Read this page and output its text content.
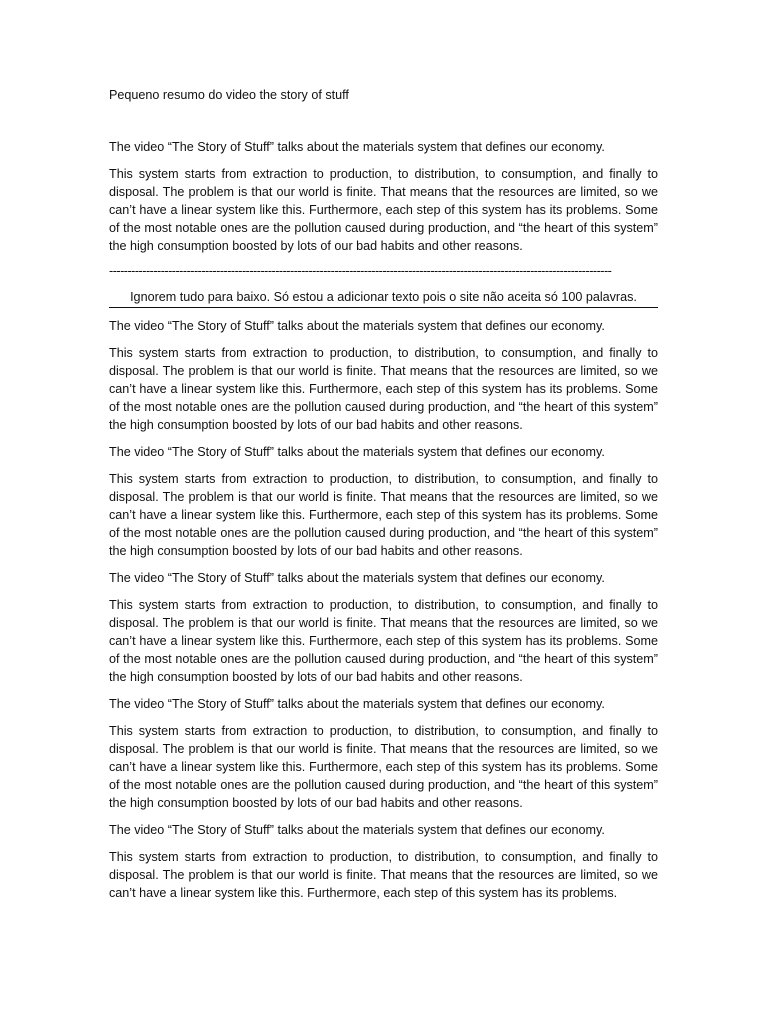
Pequeno resumo do video the story of stuff

The video “The Story of Stuff” talks about the materials system that defines our economy.

This system starts from extraction to production, to distribution, to consumption, and finally to disposal. The problem is that our world is finite. That means that the resources are limited, so we can’t have a linear system like this. Furthermore, each step of this system has its problems. Some of the most notable ones are the pollution caused during production, and “the heart of this system” the high consumption boosted by lots of our bad habits and other reasons.

----------------------------------------------------------------------------------------------------------------------------------------
Ignorem tudo para baixo. Só estou a adicionar texto pois o site não aceita só 100 palavras.

The video “The Story of Stuff” talks about the materials system that defines our economy.

This system starts from extraction to production, to distribution, to consumption, and finally to disposal. The problem is that our world is finite. That means that the resources are limited, so we can’t have a linear system like this. Furthermore, each step of this system has its problems. Some of the most notable ones are the pollution caused during production, and “the heart of this system” the high consumption boosted by lots of our bad habits and other reasons.

The video “The Story of Stuff” talks about the materials system that defines our economy.

This system starts from extraction to production, to distribution, to consumption, and finally to disposal. The problem is that our world is finite. That means that the resources are limited, so we can’t have a linear system like this. Furthermore, each step of this system has its problems. Some of the most notable ones are the pollution caused during production, and “the heart of this system” the high consumption boosted by lots of our bad habits and other reasons.

The video “The Story of Stuff” talks about the materials system that defines our economy.

This system starts from extraction to production, to distribution, to consumption, and finally to disposal. The problem is that our world is finite. That means that the resources are limited, so we can’t have a linear system like this. Furthermore, each step of this system has its problems. Some of the most notable ones are the pollution caused during production, and “the heart of this system” the high consumption boosted by lots of our bad habits and other reasons.

The video “The Story of Stuff” talks about the materials system that defines our economy.

This system starts from extraction to production, to distribution, to consumption, and finally to disposal. The problem is that our world is finite. That means that the resources are limited, so we can’t have a linear system like this. Furthermore, each step of this system has its problems. Some of the most notable ones are the pollution caused during production, and “the heart of this system” the high consumption boosted by lots of our bad habits and other reasons.

The video “The Story of Stuff” talks about the materials system that defines our economy.

This system starts from extraction to production, to distribution, to consumption, and finally to disposal. The problem is that our world is finite. That means that the resources are limited, so we can’t have a linear system like this. Furthermore, each step of this system has its problems.
